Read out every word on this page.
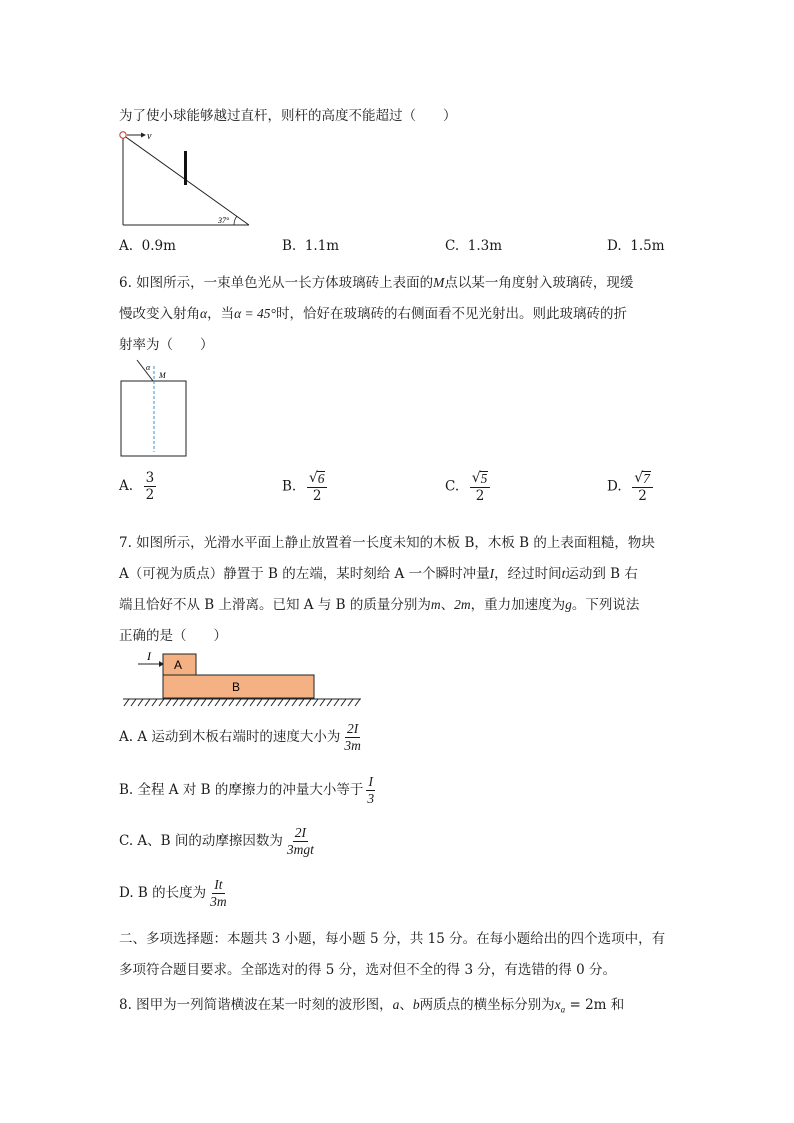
为了使小球能够越过直杆，则杆的高度不能超过（　　）
v
37°
A. 0.9m	B. 1.1m	C. 1.3m	D. 1.5m
6. 如图所示，一束单色光从一长方体玻璃砖上表面的M点以某一角度射入玻璃砖，现缓
慢改变入射角α，当α = 45°时，恰好在玻璃砖的右侧面看不见光射出。则此玻璃砖的折
射率为（　　）
α
M
A. $\frac{3}{2}$	B. $\frac{√ 6}{2}$	C. $\frac{√ 5}{2}$	D. $\frac{√ 7}{2}$
7. 如图所示，光滑水平面上静止放置着一长度未知的木板 B，木板 B 的上表面粗糙，物块
A（可视为质点）静置于 B 的左端，某时刻给 A 一个瞬时冲量I，经过时间t运动到 B 右
端且恰好不从 B 上滑离。已知 A 与 B 的质量分别为m、2m，重力加速度为g。下列说法
正确的是（　　）
I
A
B
A. A 运动到木板右端时的速度大小为 $\frac{2I}{3m}$
B. 全程 A 对 B 的摩擦力的冲量大小等于 $\frac{I}{3}$
C. A、B 间的动摩擦因数为 $\frac{2I}{\text{3mgt}}$
D. B 的长度为 $\frac{It}{3m}$
二、多项选择题：本题共 3 小题，每小题 5 分，共 15 分。在每小题给出的四个选项中，有
多项符合题目要求。全部选对的得 5 分，选对但不全的得 3 分，有选错的得 0 分。
8. 图甲为一列简谐横波在某一时刻的波形图，a、b两质点的横坐标分别为$x_a = 2m$ 和
